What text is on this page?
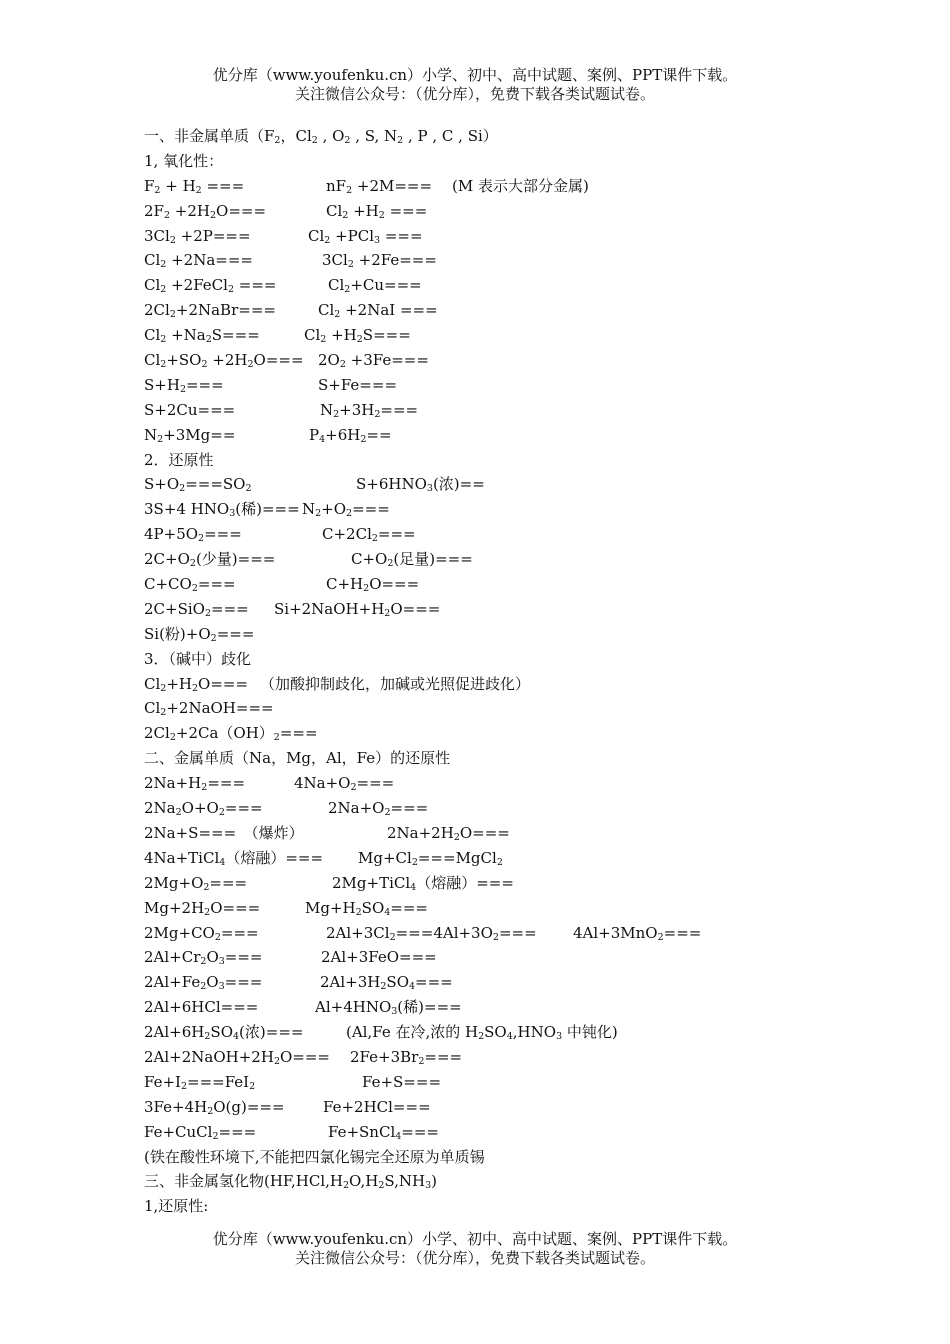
优分库（www.youfenku.cn）小学、初中、高中试题、案例、PPT课件下载。
关注微信公众号：（优分库），免费下载各类试题试卷。
一、非金属单质（$F_2$，$Cl_2$ , $O_2$ , S, $N_2$ , P , C , Si）
1, 氧化性：
$F_2 + H_2$ ===	$nF_2 +2M=== (M$ 表示大部分金属)
$2F_2 +2H_2O===$	$Cl_2 +H_2$ ===
$3Cl_2 +2P===$	$Cl_2 +PCl_3$ ===
$Cl_2 +2Na===$	$3Cl_2 +2Fe===$
$Cl_2$ +2FeCl$_2$ ===	$Cl_2+Cu===$
$2Cl_2+2NaBr===$	$Cl_2 +2NaI$ ===
$Cl_2 +Na_2S===$	$Cl_2 +H_2S===$
$Cl_2+SO_2 +2H_2O=== 2O_2 +3Fe===$
$S+H_2===$	S+Fe===
S+2Cu===	$N_2+3H_2===$
$N_2+3Mg==$	$P_4+6H_2==$
2．还原性
$S+O_2===SO_2$	$S+6HNO_3$(浓)==
3S+4 $HNO_3$(稀)=== $N_2+O_2===$
$4P+5O_2===$	$C+2Cl_2===$
$2C+O_2$(少量)===	$C+O_2$(足量)===
$C+CO_2===$	$C+H_2O===$
$2C+SiO_2=== Si+2NaOH+H_2O===$
Si(粉)$+O_2===$
3．（碱中）歧化
$Cl_2+H_2O===$ （加酸抑制歧化，加碱或光照促进歧化）
$Cl_2+2NaOH===$
$2Cl_2+2Ca(OH)_2===$
二、金属单质（Na，Mg，Al，Fe）的还原性
$2Na+H_2===$	$4Na+O_2===$
$2Na_2O+O_2===$	$2Na+O_2===$
2Na+S===　（爆炸）	$2Na+2H_2O===$
4Na+TiCl$_4$（熔融）=== $Mg+Cl_2===MgCl_2$
$2Mg+O_2===$	2Mg+TiCl$_4$（熔融）===
$Mg+2H_2O===$	$Mg+H_2SO_4===$
$2Mg+CO_2===$	$2Al+3Cl_2===4Al+3O_2=== 4Al+3MnO_2===$
$2Al+Cr_2O_3===$	2Al+3FeO===
$2Al+Fe_2O_3===$	$2Al+3H_2SO_4===$
2Al+6HCl===	$Al+4HNO_3$(稀)===
$2Al+6H_2SO_4$(浓)===	(Al,Fe 在冷,浓的 $H_2SO_4,HNO_3$ 中钝化)
$2Al+2NaOH+2H_2O=== 2Fe+3Br_2===$
$Fe+I_2===FeI_2$	Fe+S===
$3Fe+4H_2O(g)===$	Fe+2HCl===
Fe+CuCl$_2$===	Fe+SnCl$_4$===
(铁在酸性环境下,不能把四氯化锡完全还原为单质锡
三、非金属氢化物$(HF,HCl,H_2O,H_2S,NH_3)$
1,还原性:
优分库（www.youfenku.cn）小学、初中、高中试题、案例、PPT课件下载。
关注微信公众号：（优分库），免费下载各类试题试卷。
